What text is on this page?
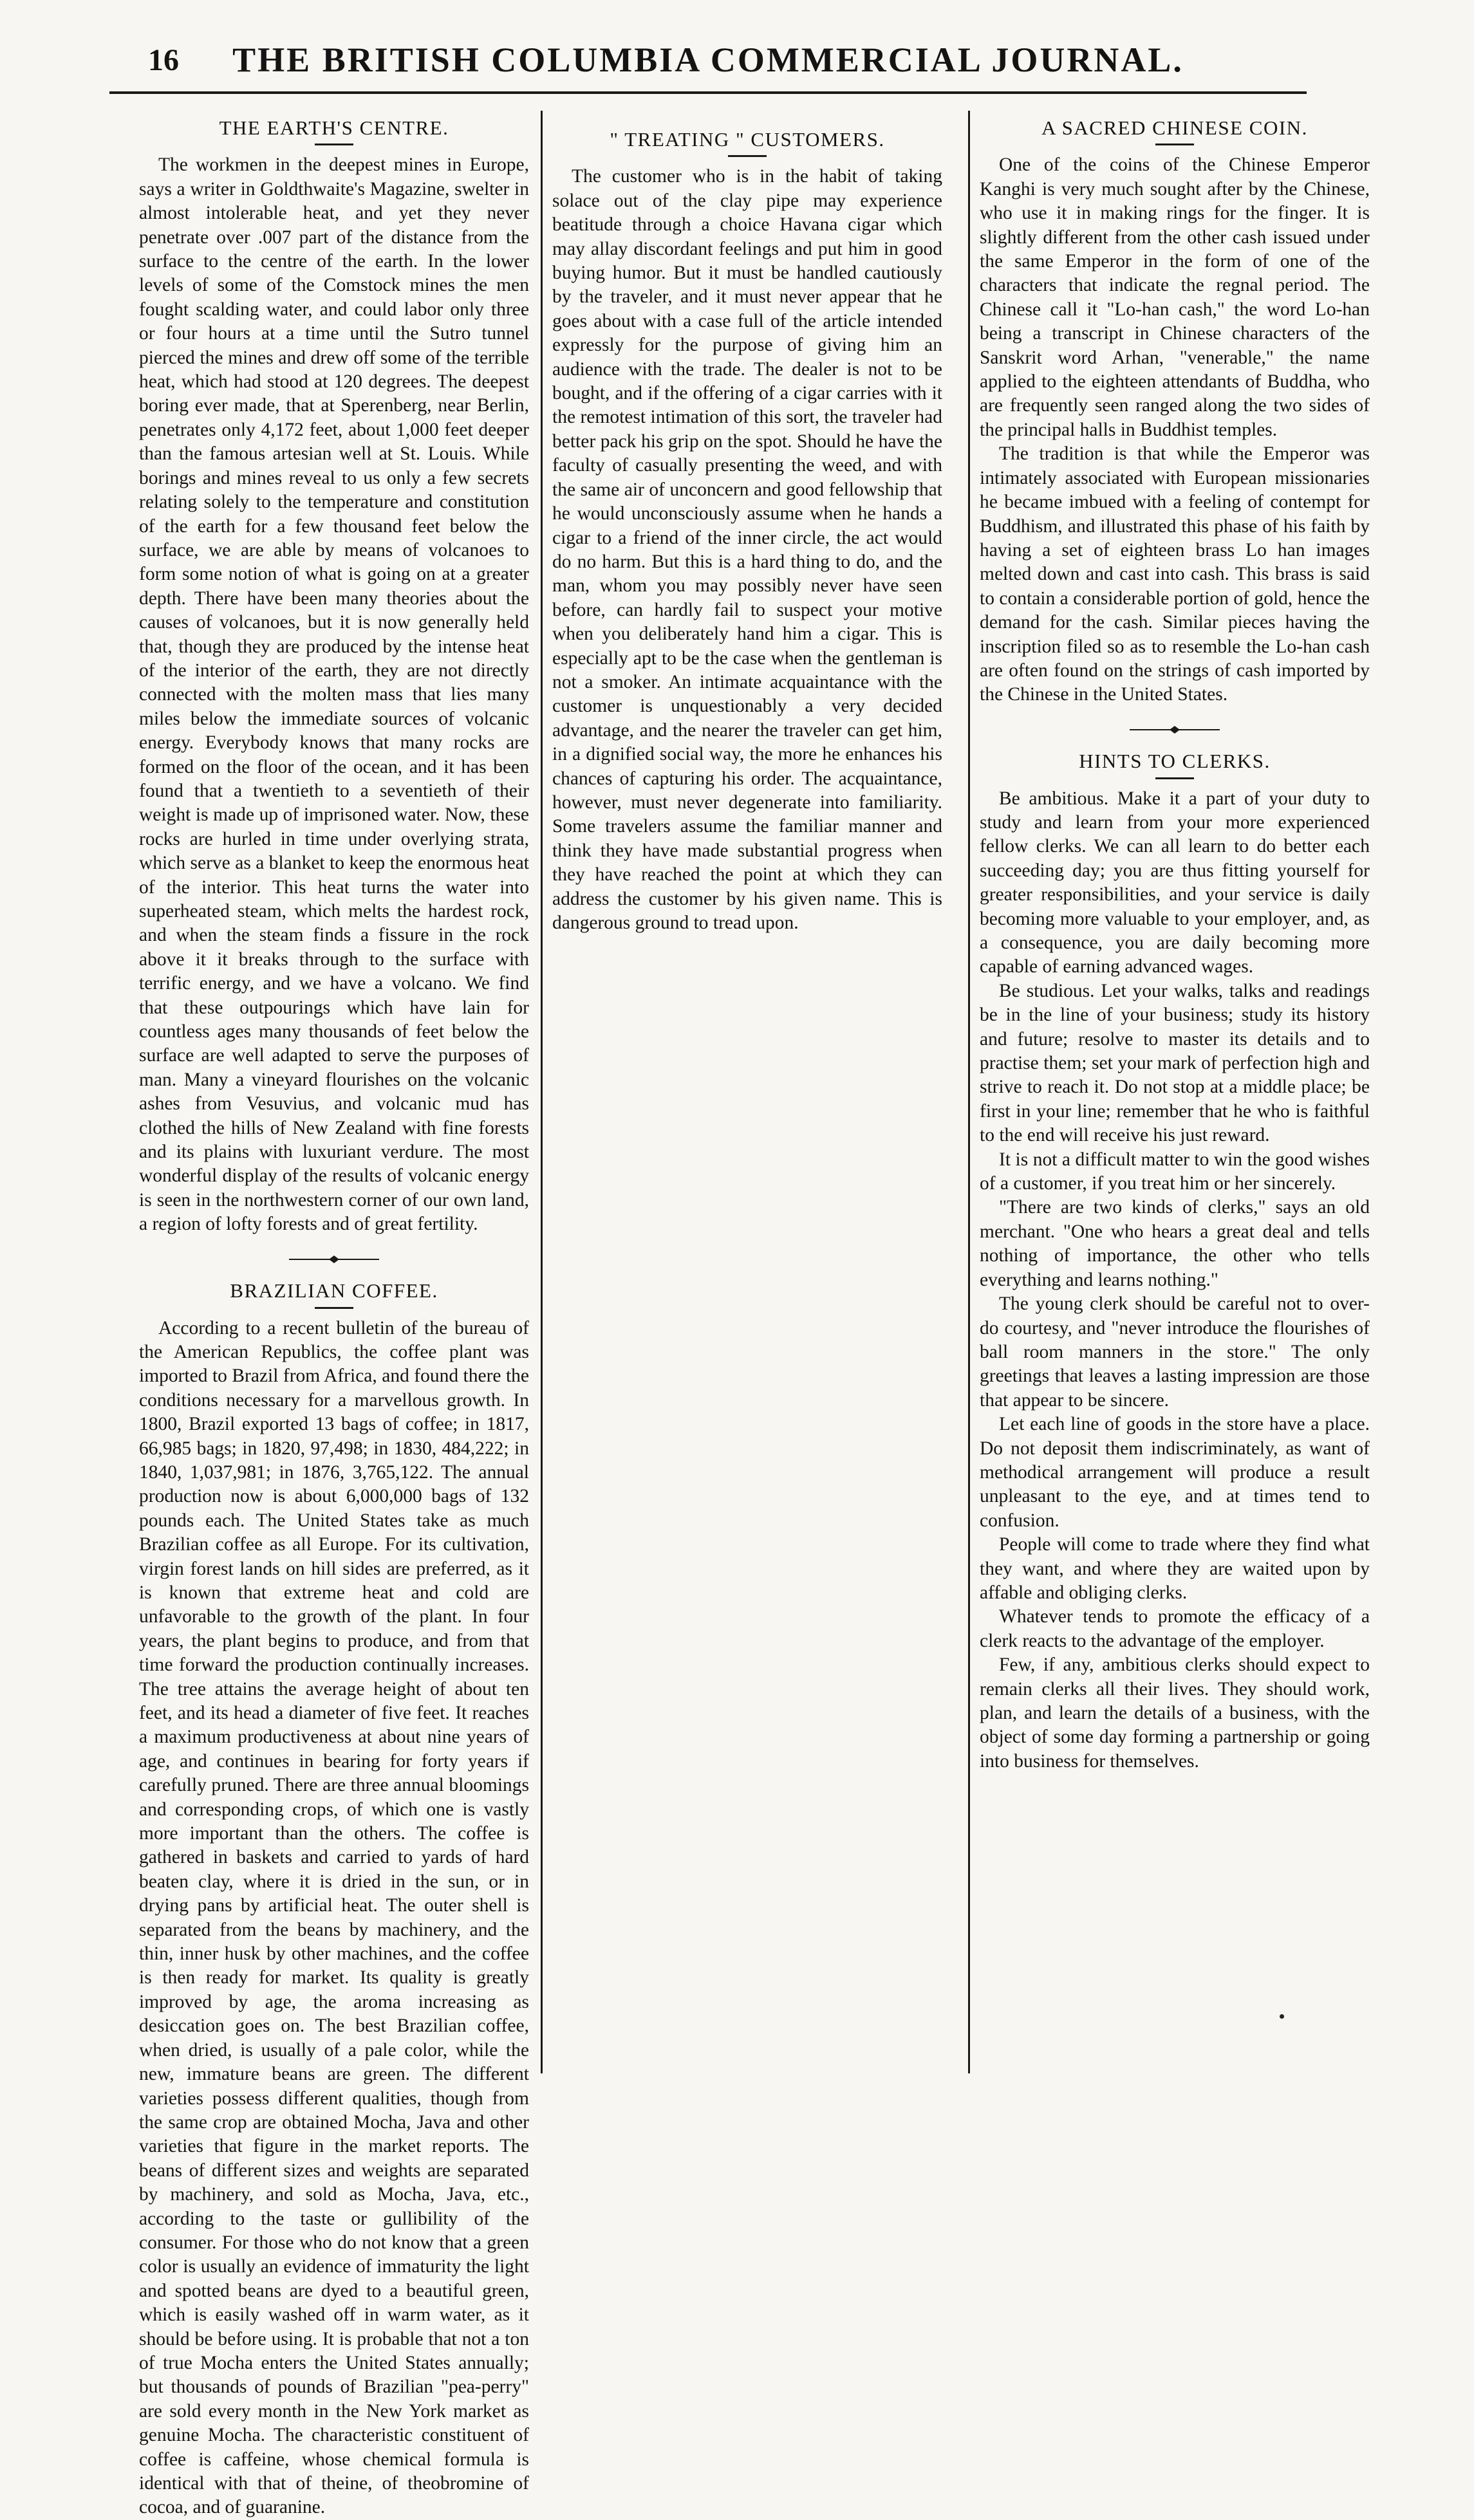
16	THE BRITISH COLUMBIA COMMERCIAL JOURNAL.
THE EARTH'S CENTRE.

The workmen in the deepest mines in Europe, says a writer in Goldthwaite's Magazine, swelter in almost intolerable heat, and yet they never penetrate over .007 part of the distance from the surface to the centre of the earth. In the lower levels of some of the Comstock mines the men fought scalding water, and could labor only three or four hours at a time until the Sutro tunnel pierced the mines and drew off some of the terrible heat, which had stood at 120 degrees. The deepest boring ever made, that at Sperenberg, near Berlin, penetrates only 4,172 feet, about 1,000 feet deeper than the famous artesian well at St. Louis. While borings and mines reveal to us only a few secrets relating solely to the temperature and constitution of the earth for a few thousand feet below the surface, we are able by means of volcanoes to form some notion of what is going on at a greater depth. There have been many theories about the causes of volcanoes, but it is now generally held that, though they are produced by the intense heat of the interior of the earth, they are not directly connected with the molten mass that lies many miles below the immediate sources of volcanic energy. Everybody knows that many rocks are formed on the floor of the ocean, and it has been found that a twentieth to a seventieth of their weight is made up of imprisoned water. Now, these rocks are hurled in time under overlying strata, which serve as a blanket to keep the enormous heat of the interior. This heat turns the water into superheated steam, which melts the hardest rock, and when the steam finds a fissure in the rock above it it breaks through to the surface with terrific energy, and we have a volcano. We find that these outpourings which have lain for countless ages many thousands of feet below the surface are well adapted to serve the purposes of man. Many a vineyard flourishes on the volcanic ashes from Vesuvius, and volcanic mud has clothed the hills of New Zealand with fine forests and its plains with luxuriant verdure. The most wonderful display of the results of volcanic energy is seen in the northwestern corner of our own land, a region of lofty forests and of great fertility.

BRAZILIAN COFFEE.

According to a recent bulletin of the bureau of the American Republics, the coffee plant was imported to Brazil from Africa, and found there the conditions necessary for a marvellous growth. In 1800, Brazil exported 13 bags of coffee; in 1817, 66,985 bags; in 1820, 97,498; in 1830, 484,222; in 1840, 1,037,981; in 1876, 3,765,122. The annual production now is about 6,000,000 bags of 132 pounds each. The United States take as much Brazilian coffee as all Europe. For its cultivation, virgin forest lands on hill sides are preferred, as it is known that extreme heat and cold are unfavorable to the growth of the plant. In four years, the plant begins to produce, and from that time forward the production continually increases. The tree attains the average height of about ten feet, and its head a diameter of five feet. It reaches a maximum productiveness at about nine years of age, and continues in bearing for forty years if carefully pruned. There are three annual bloomings and corresponding crops, of which one is vastly more important than the others. The coffee is gathered in baskets and carried to yards of hard beaten clay, where it is dried in the sun, or in drying pans by artificial heat. The outer shell is separated from the beans by machinery, and the thin, inner husk by other machines, and the coffee is then ready for market. Its quality is greatly improved by age, the aroma increasing as desiccation goes on. The best Brazilian coffee, when dried, is usually of a pale color, while the new, immature beans are green. The different varieties possess different qualities, though from the same crop are obtained Mocha, Java and other varieties that figure in the market reports. The beans of different sizes and weights are separated by machinery, and sold as Mocha, Java, etc., according to the taste or gullibility of the consumer. For those who do not know that a green color is usually an evidence of immaturity the light and spotted beans are dyed to a beautiful green, which is easily washed off in warm water, as it should be before using. It is probable that not a ton of true Mocha enters the United States annually; but thousands of pounds of Brazilian "pea-perry" are sold every month in the New York market as genuine Mocha. The characteristic constituent of coffee is caffeine, whose chemical formula is identical with that of theine, of theobromine of cocoa, and of guaranine.

" TREATING " CUSTOMERS.

The customer who is in the habit of taking solace out of the clay pipe may experience beatitude through a choice Havana cigar which may allay discordant feelings and put him in good buying humor. But it must be handled cautiously by the traveler, and it must never appear that he goes about with a case full of the article intended expressly for the purpose of giving him an audience with the trade. The dealer is not to be bought, and if the offering of a cigar carries with it the remotest intimation of this sort, the traveler had better pack his grip on the spot. Should he have the faculty of casually presenting the weed, and with the same air of unconcern and good fellowship that he would unconsciously assume when he hands a cigar to a friend of the inner circle, the act would do no harm. But this is a hard thing to do, and the man, whom you may possibly never have seen before, can hardly fail to suspect your motive when you deliberately hand him a cigar. This is especially apt to be the case when the gentleman is not a smoker. An intimate acquaintance with the customer is unquestionably a very decided advantage, and the nearer the traveler can get him, in a dignified social way, the more he enhances his chances of capturing his order. The acquaintance, however, must never degenerate into familiarity. Some travelers assume the familiar manner and think they have made substantial progress when they have reached the point at which they can address the customer by his given name. This is dangerous ground to tread upon.

A SACRED CHINESE COIN.

One of the coins of the Chinese Emperor Kanghi is very much sought after by the Chinese, who use it in making rings for the finger. It is slightly different from the other cash issued under the same Emperor in the form of one of the characters that indicate the regnal period. The Chinese call it "Lo-han cash," the word Lo-han being a transcript in Chinese characters of the Sanskrit word Arhan, "venerable," the name applied to the eighteen attendants of Buddha, who are frequently seen ranged along the two sides of the principal halls in Buddhist temples.

The tradition is that while the Emperor was intimately associated with European missionaries he became imbued with a feeling of contempt for Buddhism, and illustrated this phase of his faith by having a set of eighteen brass Lo han images melted down and cast into cash. This brass is said to contain a considerable portion of gold, hence the demand for the cash. Similar pieces having the inscription filed so as to resemble the Lo-han cash are often found on the strings of cash imported by the Chinese in the United States.

HINTS TO CLERKS.

Be ambitious. Make it a part of your duty to study and learn from your more experienced fellow clerks. We can all learn to do better each succeeding day; you are thus fitting yourself for greater responsibilities, and your service is daily becoming more valuable to your employer, and, as a consequence, you are daily becoming more capable of earning advanced wages.

Be studious. Let your walks, talks and readings be in the line of your business; study its history and future; resolve to master its details and to practise them; set your mark of perfection high and strive to reach it. Do not stop at a middle place; be first in your line; remember that he who is faithful to the end will receive his just reward.

It is not a difficult matter to win the good wishes of a customer, if you treat him or her sincerely.

"There are two kinds of clerks," says an old merchant. "One who hears a great deal and tells nothing of importance, the other who tells everything and learns nothing."

The young clerk should be careful not to over-do courtesy, and "never introduce the flourishes of ball room manners in the store." The only greetings that leaves a lasting impression are those that appear to be sincere.

Let each line of goods in the store have a place. Do not deposit them indiscriminately, as want of methodical arrangement will produce a result unpleasant to the eye, and at times tend to confusion.

People will come to trade where they find what they want, and where they are waited upon by affable and obliging clerks.

Whatever tends to promote the efficacy of a clerk reacts to the advantage of the employer.

Few, if any, ambitious clerks should expect to remain clerks all their lives. They should work, plan, and learn the details of a business, with the object of some day forming a partnership or going into business for themselves.
